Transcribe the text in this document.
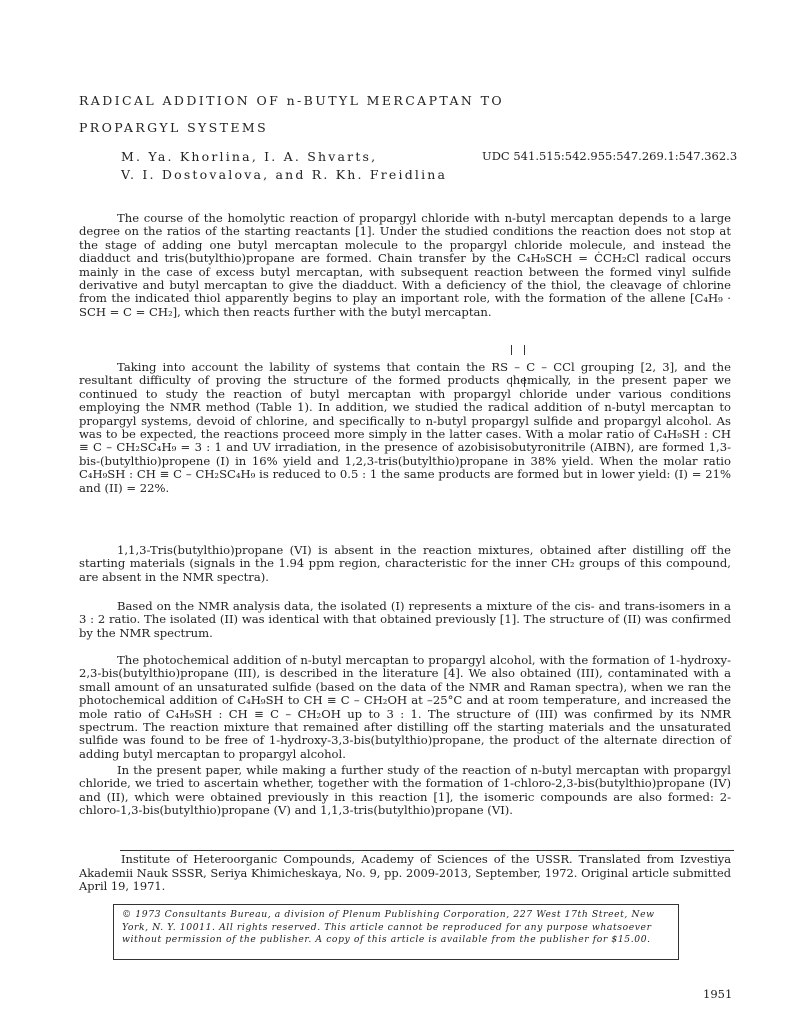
RADICAL ADDITION OF n-BUTYL MERCAPTAN TO
PROPARGYL SYSTEMS
M. Ya. Khorlina, I. A. Shvarts,
V. I. Dostovalova, and R. Kh. Freidlina
UDC 541.515:542.955:547.269.1:547.362.3

The course of the homolytic reaction of propargyl chloride with n-butyl mercaptan depends to a large degree on the ratios of the starting reactants [1]. Under the studied conditions the reaction does not stop at the stage of adding one butyl mercaptan molecule to the propargyl chloride molecule, and instead the diadduct and tris(butylthio)propane are formed. Chain transfer by the C₄H₉SCH = ĊCH₂Cl radical occurs mainly in the case of excess butyl mercaptan, with subsequent reaction between the formed vinyl sulfide derivative and butyl mercaptan to give the diadduct. With a deficiency of the thiol, the cleavage of chlorine from the indicated thiol apparently begins to play an important role, with the formation of the allene [C₄H₉ · SCH = C = CH₂], which then reacts further with the butyl mercaptan.

Taking into account the lability of systems that contain the RS – C – CCl grouping [2, 3], and the resultant difficulty of proving the structure of the formed products chemically, in the present paper we continued to study the reaction of butyl mercaptan with propargyl chloride under various conditions employing the NMR method (Table 1). In addition, we studied the radical addition of n-butyl mercaptan to propargyl systems, devoid of chlorine, and specifically to n-butyl propargyl sulfide and propargyl alcohol. As was to be expected, the reactions proceed more simply in the latter cases. With a molar ratio of C₄H₉SH : CH ≡ C – CH₂SC₄H₉ = 3 : 1 and UV irradiation, in the presence of azobisisobutyronitrile (AIBN), are formed 1,3-bis-(butylthio)propene (I) in 16% yield and 1,2,3-tris(butylthio)propane in 38% yield. When the molar ratio C₄H₉SH : CH ≡ C – CH₂SC₄H₉ is reduced to 0.5 : 1 the same products are formed but in lower yield: (I) = 21% and (II) = 22%.

1,1,3-Tris(butylthio)propane (VI) is absent in the reaction mixtures, obtained after distilling off the starting materials (signals in the 1.94 ppm region, characteristic for the inner CH₂ groups of this compound, are absent in the NMR spectra).

Based on the NMR analysis data, the isolated (I) represents a mixture of the cis- and trans-isomers in a 3 : 2 ratio. The isolated (II) was identical with that obtained previously [1]. The structure of (II) was confirmed by the NMR spectrum.

The photochemical addition of n-butyl mercaptan to propargyl alcohol, with the formation of 1-hydroxy-2,3-bis(butylthio)propane (III), is described in the literature [4]. We also obtained (III), contaminated with a small amount of an unsaturated sulfide (based on the data of the NMR and Raman spectra), when we ran the photochemical addition of C₄H₉SH to CH ≡ C – CH₂OH at –25°C and at room temperature, and increased the mole ratio of C₄H₉SH : CH ≡ C – CH₂OH up to 3 : 1. The structure of (III) was confirmed by its NMR spectrum. The reaction mixture that remained after distilling off the starting materials and the unsaturated sulfide was found to be free of 1-hydroxy-3,3-bis(butylthio)propane, the product of the alternate direction of adding butyl mercaptan to propargyl alcohol.

In the present paper, while making a further study of the reaction of n-butyl mercaptan with propargyl chloride, we tried to ascertain whether, together with the formation of 1-chloro-2,3-bis(butylthio)propane (IV) and (II), which were obtained previously in this reaction [1], the isomeric compounds are also formed: 2-chloro-1,3-bis(butylthio)propane (V) and 1,1,3-tris(butylthio)propane (VI).

Institute of Heteroorganic Compounds, Academy of Sciences of the USSR. Translated from Izvestiya Akademii Nauk SSSR, Seriya Khimicheskaya, No. 9, pp. 2009-2013, September, 1972. Original article submitted April 19, 1971.

© 1973 Consultants Bureau, a division of Plenum Publishing Corporation, 227 West 17th Street, New York, N. Y. 10011. All rights reserved. This article cannot be reproduced for any purpose whatsoever without permission of the publisher. A copy of this article is available from the publisher for $15.00.
1951
